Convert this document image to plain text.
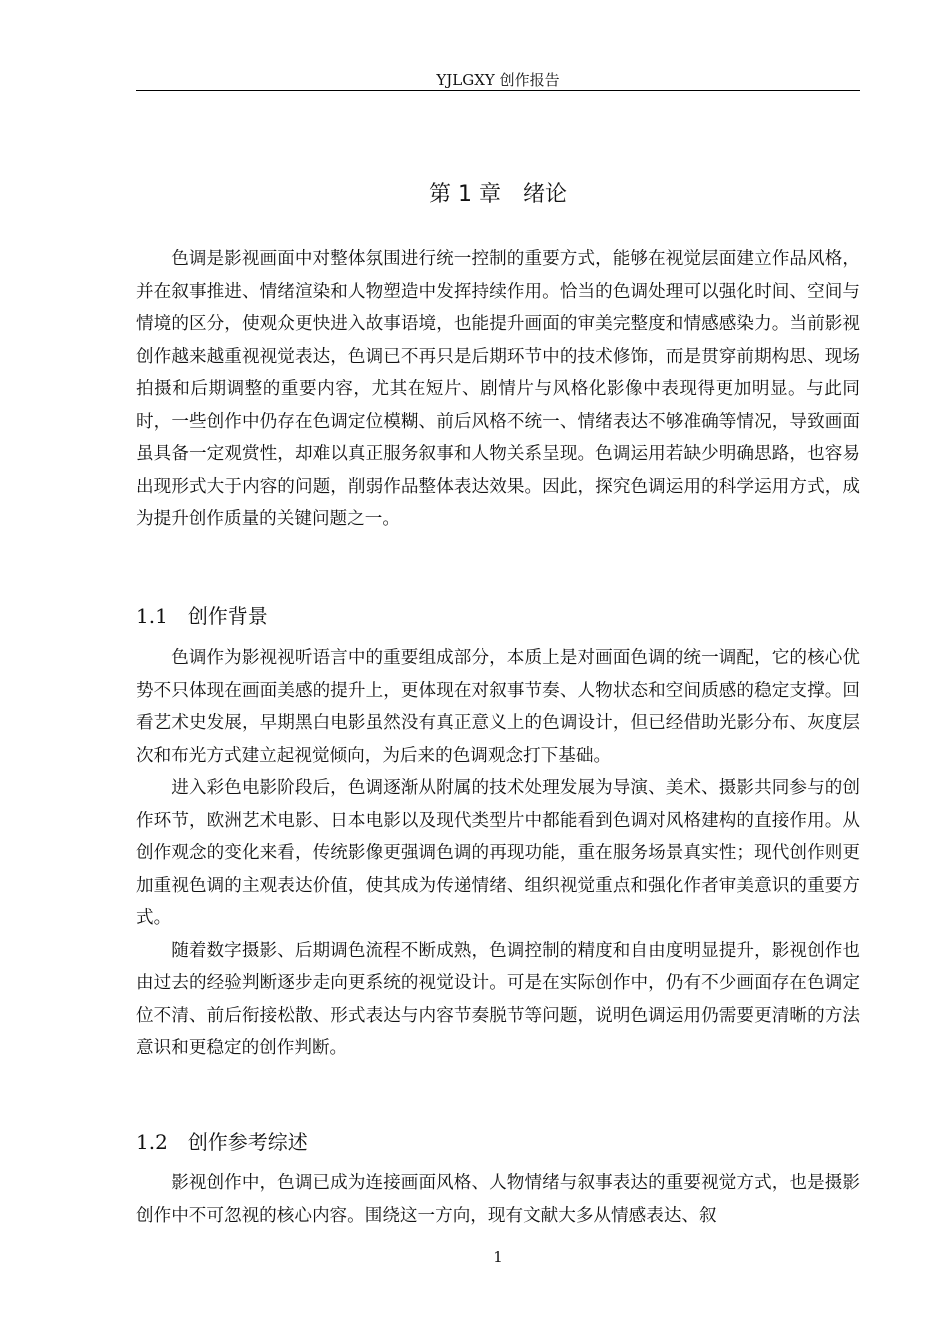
YJLGXY 创作报告
第 1 章 绪论

色调是影视画面中对整体氛围进行统一控制的重要方式，能够在视觉层面建立作品风格，并在叙事推进、情绪渲染和人物塑造中发挥持续作用。恰当的色调处理可以强化时间、空间与情境的区分，使观众更快进入故事语境，也能提升画面的审美完整度和情感感染力。当前影视创作越来越重视视觉表达，色调已不再只是后期环节中的技术修饰，而是贯穿前期构思、现场拍摄和后期调整的重要内容，尤其在短片、剧情片与风格化影像中表现得更加明显。与此同时，一些创作中仍存在色调定位模糊、前后风格不统一、情绪表达不够准确等情况，导致画面虽具备一定观赏性，却难以真正服务叙事和人物关系呈现。色调运用若缺少明确思路，也容易出现形式大于内容的问题，削弱作品整体表达效果。因此，探究色调运用的科学运用方式，成为提升创作质量的关键问题之一。

1.1 创作背景

色调作为影视视听语言中的重要组成部分，本质上是对画面色调的统一调配，它的核心优势不只体现在画面美感的提升上，更体现在对叙事节奏、人物状态和空间质感的稳定支撑。回看艺术史发展，早期黑白电影虽然没有真正意义上的色调设计，但已经借助光影分布、灰度层次和布光方式建立起视觉倾向，为后来的色调观念打下基础。

进入彩色电影阶段后，色调逐渐从附属的技术处理发展为导演、美术、摄影共同参与的创作环节，欧洲艺术电影、日本电影以及现代类型片中都能看到色调对风格建构的直接作用。从创作观念的变化来看，传统影像更强调色调的再现功能，重在服务场景真实性；现代创作则更加重视色调的主观表达价值，使其成为传递情绪、组织视觉重点和强化作者审美意识的重要方式。

随着数字摄影、后期调色流程不断成熟，色调控制的精度和自由度明显提升，影视创作也由过去的经验判断逐步走向更系统的视觉设计。可是在实际创作中，仍有不少画面存在色调定位不清、前后衔接松散、形式表达与内容节奏脱节等问题，说明色调运用仍需要更清晰的方法意识和更稳定的创作判断。

1.2 创作参考综述

影视创作中，色调已成为连接画面风格、人物情绪与叙事表达的重要视觉方式，也是摄影创作中不可忽视的核心内容。围绕这一方向，现有文献大多从情感表达、叙

1
